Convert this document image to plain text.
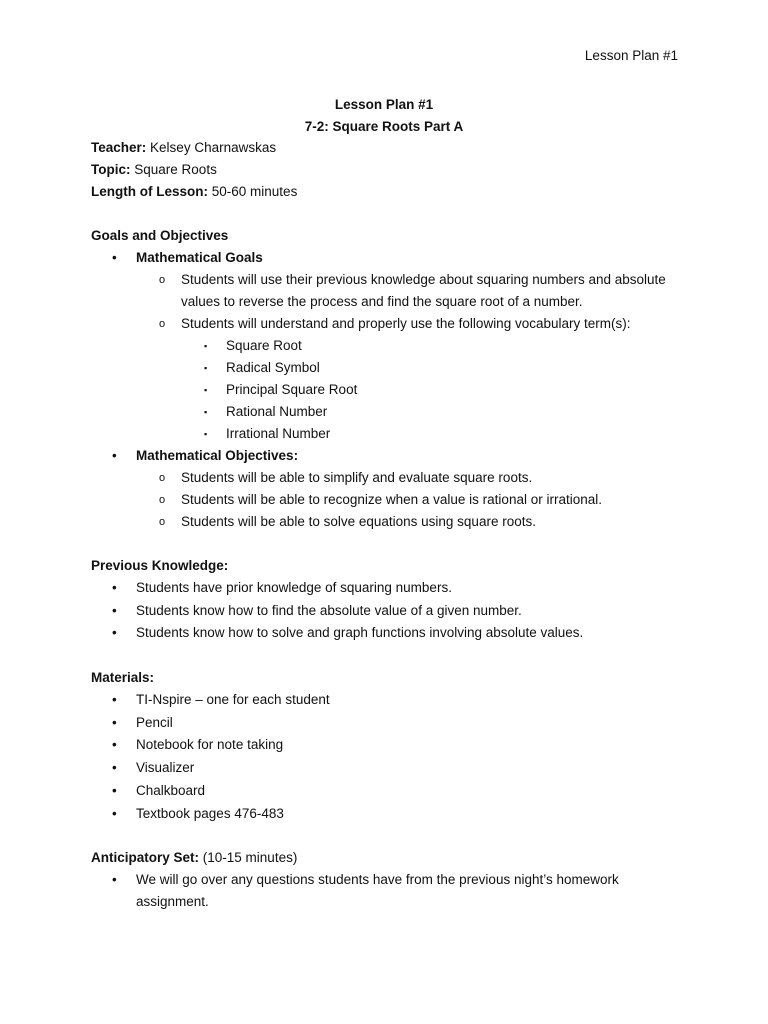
Lesson Plan #1
Lesson Plan #1
7-2: Square Roots Part A
Teacher: Kelsey Charnawskas
Topic: Square Roots
Length of Lesson: 50-60 minutes
Goals and Objectives
• Mathematical Goals
o Students will use their previous knowledge about squaring numbers and absolute values to reverse the process and find the square root of a number.
o Students will understand and properly use the following vocabulary term(s):
▪ Square Root
▪ Radical Symbol
▪ Principal Square Root
▪ Rational Number
▪ Irrational Number
• Mathematical Objectives:
o Students will be able to simplify and evaluate square roots.
o Students will be able to recognize when a value is rational or irrational.
o Students will be able to solve equations using square roots.
Previous Knowledge:
• Students have prior knowledge of squaring numbers.
• Students know how to find the absolute value of a given number.
• Students know how to solve and graph functions involving absolute values.
Materials:
• TI-Nspire – one for each student
• Pencil
• Notebook for note taking
• Visualizer
• Chalkboard
• Textbook pages 476-483
Anticipatory Set: (10-15 minutes)
• We will go over any questions students have from the previous night’s homework assignment.
